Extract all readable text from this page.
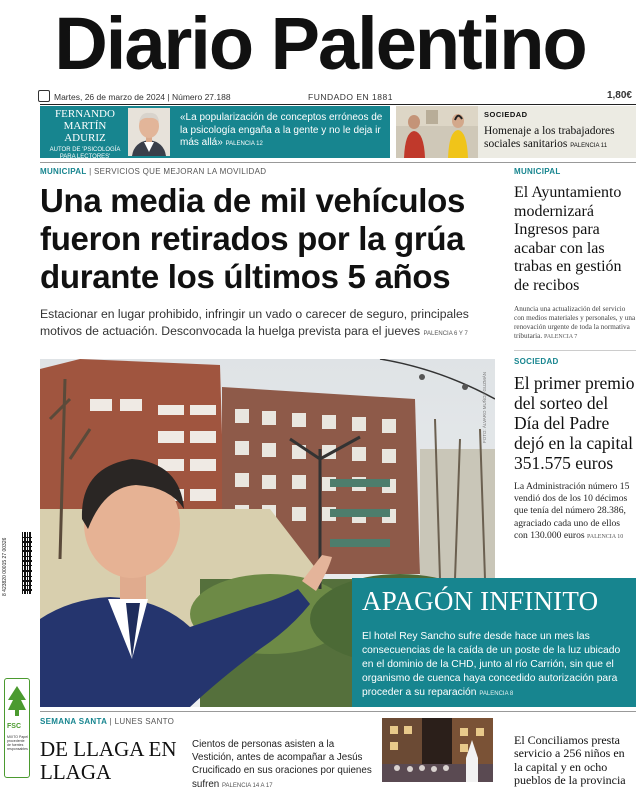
Diario Palentino
Martes, 26 de marzo de 2024 | Número 27.188	FUNDADO EN 1881	1,80€
FERNANDO MARTÍN ADURIZ
AUTOR DE 'PSICOLOGÍA PARA LECTORES'
«La popularización de conceptos erróneos de la psicología engaña a la gente y no le deja ir más allá» PALENCIA 12
SOCIEDAD
Homenaje a los trabajadores sociales sanitarios PALENCIA 11
MUNICIPAL | SERVICIOS QUE MEJORAN LA MOVILIDAD
Una media de mil vehículos fueron retirados por la grúa durante los últimos 5 años
Estacionar en lugar prohibido, infringir un vado o carecer de seguro, principales motivos de actuación. Desconvocada la huelga prevista para el jueves PALENCIA 6 Y 7
FOTO: ÁLVARO MUÑOZ GUZMÁN
APAGÓN INFINITO
El hotel Rey Sancho sufre desde hace un mes las consecuencias de la caída de un poste de la luz ubicado en el dominio de la CHD, junto al río Carrión, sin que el organismo de cuenca haya concedido autorización para proceder a su reparación PALENCIA 8
MUNICIPAL
El Ayuntamiento modernizará Ingresos para acabar con las trabas en gestión de recibos
Anuncia una actualización del servicio con medios materiales y personales, y una renovación urgente de toda la normativa tributaria. PALENCIA 7
SOCIEDAD
El primer premio del sorteo del Día del Padre dejó en la capital 351.575 euros
La Administración número 15 vendió dos de los 10 décimos que tenía del número 28.386, agraciado cada uno de ellos con 130.000 euros PALENCIA 10
8 423820 00015 27 00326
FSC
MIXTO Papel procedente de fuentes responsables
SEMANA SANTA | LUNES SANTO
DE LLAGA EN LLAGA
Cientos de personas asisten a la Vestición, antes de acompañar a Jesús Crucificado en sus oraciones por quienes sufren PALENCIA 14 A 17
El Conciliamos presta servicio a 256 niños en la capital y en ocho pueblos de la provincia
